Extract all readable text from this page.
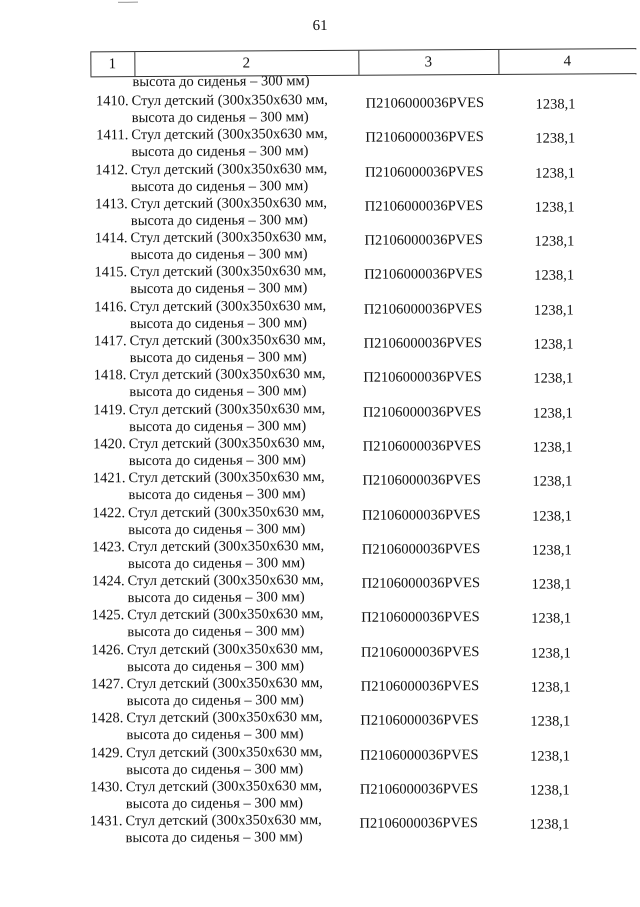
61
1	2	3	4
высота до сиденья – 300 мм)
1410. Стул детский (300х350х630 мм,
высота до сиденья – 300 мм)
П2106000036PVES	1238,1
1411. Стул детский (300х350х630 мм,
высота до сиденья – 300 мм)
П2106000036PVES	1238,1
1412. Стул детский (300х350х630 мм,
высота до сиденья – 300 мм)
П2106000036PVES	1238,1
1413. Стул детский (300х350х630 мм,
высота до сиденья – 300 мм)
П2106000036PVES	1238,1
1414. Стул детский (300х350х630 мм,
высота до сиденья – 300 мм)
П2106000036PVES	1238,1
1415. Стул детский (300х350х630 мм,
высота до сиденья – 300 мм)
П2106000036PVES	1238,1
1416. Стул детский (300х350х630 мм,
высота до сиденья – 300 мм)
П2106000036PVES	1238,1
1417. Стул детский (300х350х630 мм,
высота до сиденья – 300 мм)
П2106000036PVES	1238,1
1418. Стул детский (300х350х630 мм,
высота до сиденья – 300 мм)
П2106000036PVES	1238,1
1419. Стул детский (300х350х630 мм,
высота до сиденья – 300 мм)
П2106000036PVES	1238,1
1420. Стул детский (300х350х630 мм,
высота до сиденья – 300 мм)
П2106000036PVES	1238,1
1421. Стул детский (300х350х630 мм,
высота до сиденья – 300 мм)
П2106000036PVES	1238,1
1422. Стул детский (300х350х630 мм,
высота до сиденья – 300 мм)
П2106000036PVES	1238,1
1423. Стул детский (300х350х630 мм,
высота до сиденья – 300 мм)
П2106000036PVES	1238,1
1424. Стул детский (300х350х630 мм,
высота до сиденья – 300 мм)
П2106000036PVES	1238,1
1425. Стул детский (300х350х630 мм,
высота до сиденья – 300 мм)
П2106000036PVES	1238,1
1426. Стул детский (300х350х630 мм,
высота до сиденья – 300 мм)
П2106000036PVES	1238,1
1427. Стул детский (300х350х630 мм,
высота до сиденья – 300 мм)
П2106000036PVES	1238,1
1428. Стул детский (300х350х630 мм,
высота до сиденья – 300 мм)
П2106000036PVES	1238,1
1429. Стул детский (300х350х630 мм,
высота до сиденья – 300 мм)
П2106000036PVES	1238,1
1430. Стул детский (300х350х630 мм,
высота до сиденья – 300 мм)
П2106000036PVES	1238,1
1431. Стул детский (300х350х630 мм,
высота до сиденья – 300 мм)
П2106000036PVES	1238,1
